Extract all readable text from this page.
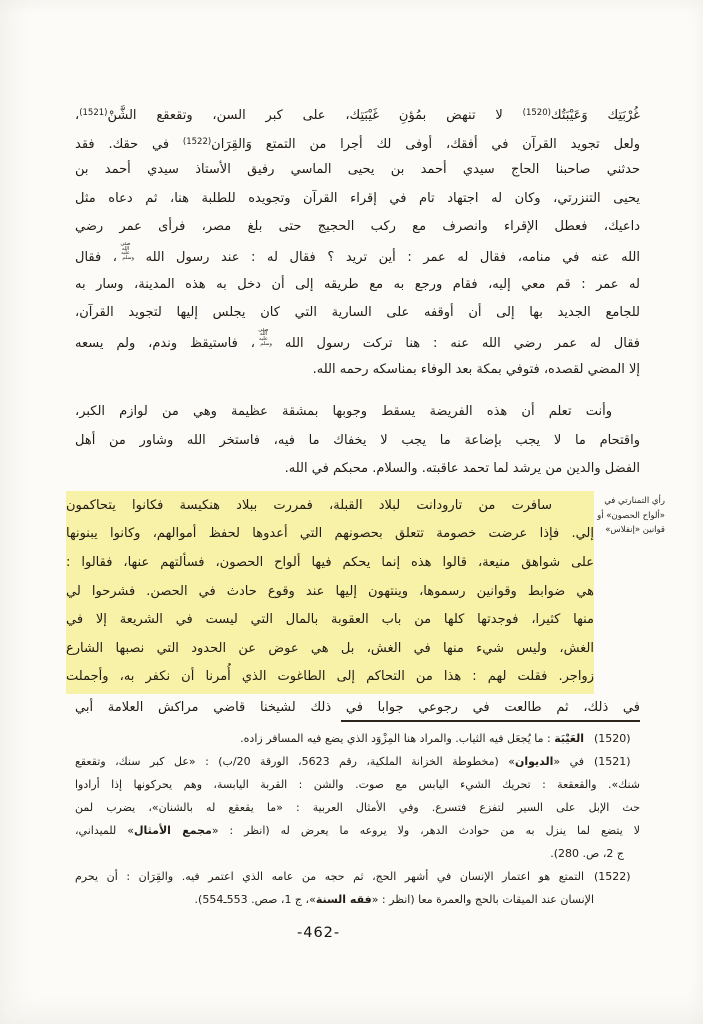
غُرْبَتِك وَعَيْبَتُك$^{(1520)}$ لا تنهض بمُؤنِ غَيْبَتِك، على كبر السن، وتقعقع الشَّنْ$^{(1521)}$،
ولعل تجويد القرآن في أفقك، أوفى لك أجرا من التمتع وَالقِرَان$^{(1522)}$ في حقك. فقد
حدثني صاحبنا الحاج سيدي أحمد بن يحيى الماسي رفيق الأستاذ سيدي أحمد بن
يحيى التنزرتي، وكان له اجتهاد تام في إقراء القرآن وتجويده للطلبة هنا، ثم دعاه مثل
داعيك، فعطل الإقراء وانصرف مع ركب الحجيج حتى بلغ مصر، فرأى عمر رضي
الله عنه في منامه، فقال له عمر : أين تريد ؟ فقال له : عند رسول الله صلى الله عليه وسلم، فقال
له عمر : قم معي إليه، فقام ورجع به مع طريقه إلى أن دخل به هذه المدينة، وسار به
للجامع الجديد بها إلى أن أوقفه على السارية التي كان يجلس إليها لتجويد القرآن،
فقال له عمر رضي الله عنه : هنا تركت رسول الله صلى الله عليه وسلم، فاستيقظ وندم، ولم يسعه
إلا المضي لقصده، فتوفي بمكة بعد الوفاء بمناسكه رحمه الله.
وأنت تعلم أن هذه الفريضة يسقط وجوبها بمشقة عظيمة وهي من لوازم الكبر،
واقتحام ما لا يجب بإضاعة ما يجب لا يخفاك ما فيه، فاستخر الله وشاور من أهل
الفضل والدين من يرشد لما تحمد عاقبته. والسلام. محبكم في الله.
سافرت من تارودانت لبلاد القبلة، فمررت ببلاد هنكيسة فكانوا يتحاكمون
إلي. فإذا عرضت خصومة تتعلق بحصونهم التي أعدوها لحفظ أموالهم، وكانوا يبنونها
على شواهق منيعة، قالوا هذه إنما يحكم فيها ألواح الحصون، فسألتهم عنها، فقالوا :
هي ضوابط وقوانين رسموها، وينتهون إليها عند وقوع حادث في الحصن. فشرحوا لي
منها كثيرا، فوجدتها كلها من باب العقوبة بالمال التي ليست في الشريعة إلا في
الغش، وليس شيء منها في الغش، بل هي عوض عن الحدود التي نصبها الشارع
زواجر. فقلت لهم : هذا من التحاكم إلى الطاغوت الذي أُمرنا أن نكفر به، وأجملت
في ذلك، ثم طالعت في رجوعي جوابا في ذلك لشيخنا قاضي مراكش العلامة أبي
رأي التمنارتي في
«ألواح الحصون» أو
قوانين «إنفلاس»
(1520)
العَيْبَة : ما يُجعَل فيه الثياب. والمراد هنا المِزْوَد الذي يضع فيه المسافر زاده.
(1521)
في «الديوان» (مخطوطة الخزانة الملكية، رقم 5623، الورقة 20/ب) : «عل كبر سنك، وتقعقع
شنك». والقعقعة : تحريك الشيء اليابس مع صوت. والشن : القربة اليابسة، وهم يحركونها إذا أرادوا
حث الإبل على السير لتفزع فتسرع. وفي الأمثال العربية : «ما يقعقع له بالشنان»، يضرب لمن
لا يتضع لما ينزل به من حوادث الدهر، ولا يروعه ما يعرض له (انظر : «مجمع الأمثال» للميداني،
ج 2، ص. 280).
(1522)
التمتع هو اعتمار الإنسان في أشهر الحج، ثم حجه من عامه الذي اعتمر فيه. والقِرَان : أن يحرم
الإنسان عند الميقات بالحج والعمرة معا (انظر : «فقه السنة»، ج 1، صص. 553ـ554).
-462-
